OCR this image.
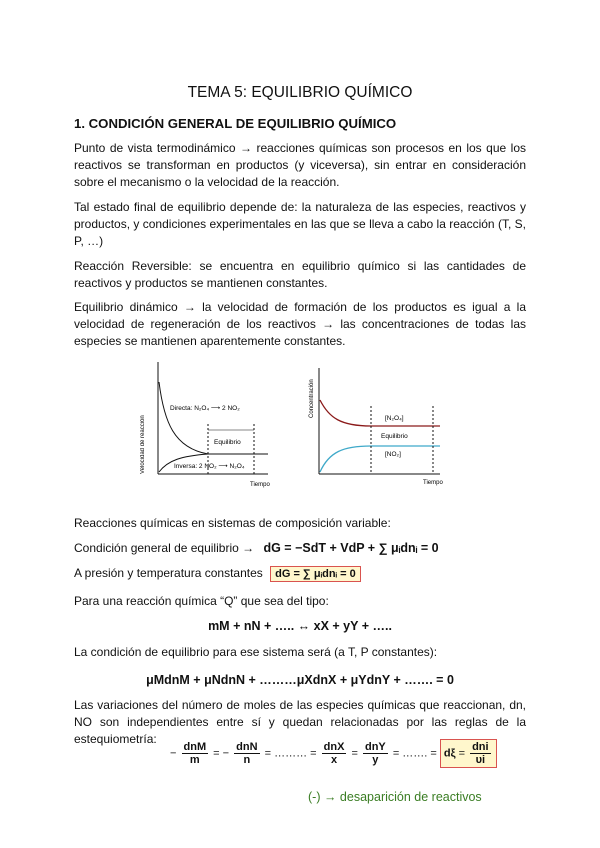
TEMA 5: EQUILIBRIO QUÍMICO
1. CONDICIÓN GENERAL DE EQUILIBRIO QUÍMICO
Punto de vista termodinámico → reacciones químicas son procesos en los que los reactivos se transforman en productos (y viceversa), sin entrar en consideración sobre el mecanismo o la velocidad de la reacción.
Tal estado final de equilibrio depende de: la naturaleza de las especies, reactivos y productos, y condiciones experimentales en las que se lleva a cabo la reacción (T, S, P, …)
Reacción Reversible: se encuentra en equilibrio químico si las cantidades de reactivos y productos se mantienen constantes.
Equilibrio dinámico → la velocidad de formación de los productos es igual a la velocidad de regeneración de los reactivos → las concentraciones de todas las especies se mantienen aparentemente constantes.
Velocidad de reacción
Directa: N₂O₄ ⟶ 2 NO₂
Equilibrio
Inversa: 2 NO₂ ⟶ N₂O₄
Tiempo
Concentración
[N₂O₄]
Equilibrio
[NO₂]
Tiempo
Reacciones químicas en sistemas de composición variable:
Condición general de equilibrio → dG = −SdT + VdP + ∑ μᵢdnᵢ = 0
A presión y temperatura constantes dG = ∑ μᵢdnᵢ = 0
Para una reacción química “Q” que sea del tipo:
mM + nN + ….. ↔ xX + yY + …..
La condición de equilibrio para ese sistema será (a T, P constantes):
μMdnM + μNdnN + ………μXdnX + μYdnY + ……. = 0
Las variaciones del número de moles de las especies químicas que reaccionan, dn, NO son independientes entre sí y quedan relacionadas por las reglas de la estequiometría:
− $\frac{\text{dnM}}{m}$ = − $\frac{\text{dnN}}{n}$ = ……… = $\frac{\text{dnX}}{x} = \frac{\text{dnY}}{y}$ = ……. = $d\xi = \frac{\text{dni}}{\upsilon i}$
(-) → desaparición de reactivos
